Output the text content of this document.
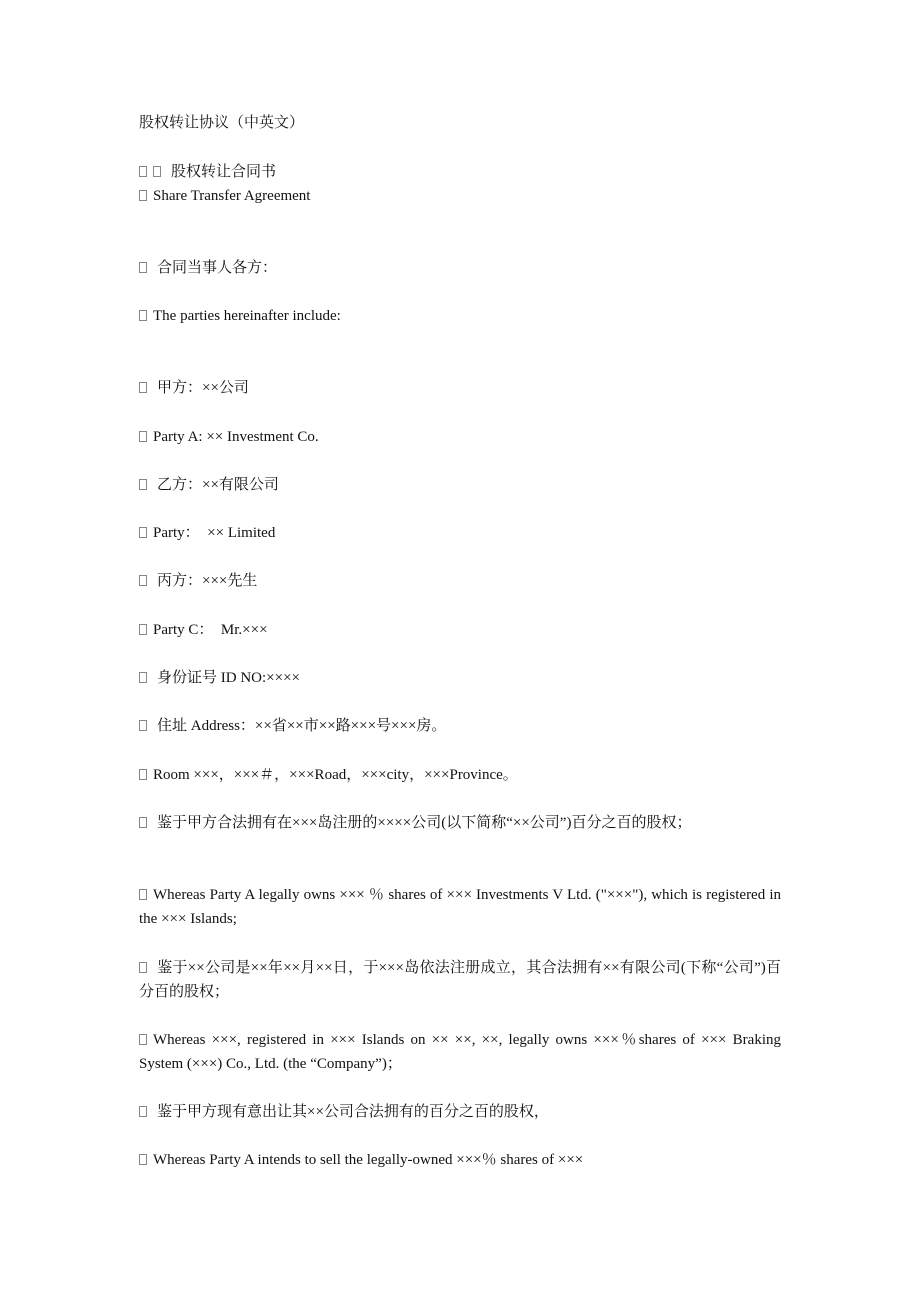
股权转让协议（中英文）
股权转让合同书
Share Transfer Agreement
合同当事人各方：
The parties hereinafter include:
甲方：××公司
Party A: ×× Investment Co.
乙方：××有限公司
Party：  ×× Limited
丙方：×××先生
Party C：  Mr.×××
身份证号 ID NO:××××
住址 Address：××省××市××路×××号×××房。
Room ×××，×××＃，×××Road，×××city，×××Province。
鉴于甲方合法拥有在×××岛注册的××××公司(以下简称“××公司”)百分之百的股权；
Whereas Party A legally owns ××× ％ shares of ××× Investments V Ltd. ("×××"), which is registered in the ××× Islands;
鉴于××公司是××年××月××日，于×××岛依法注册成立，其合法拥有××有限公司(下称“公司”)百分百的股权；
Whereas ×××, registered in ××× Islands on ×× ××, ××, legally owns ×××％shares of ××× Braking System (×××) Co., Ltd. (the “Company”)；
鉴于甲方现有意出让其××公司合法拥有的百分之百的股权，
Whereas Party A intends to sell the legally-owned ×××％ shares of ×××
